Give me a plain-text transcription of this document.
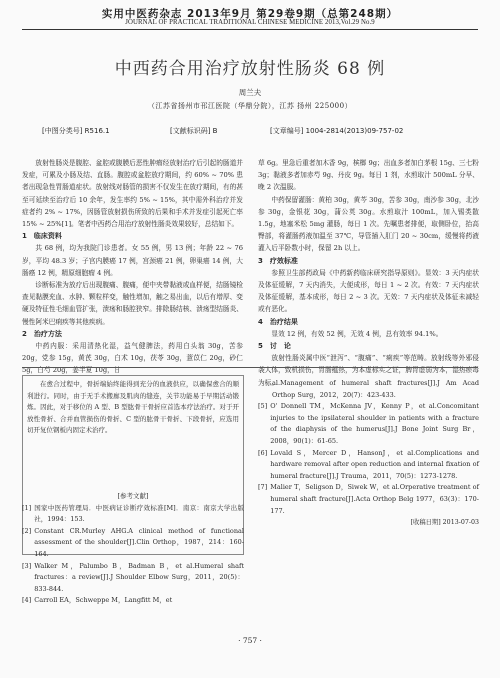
实用中医药杂志 2013年9月 第29卷9期（总第248期）
JOURNAL OF PRACTICAL TRADITIONAL CHINESE MEDICINE 2013,Vol.29 No.9
中西药合用治疗放射性肠炎 68 例
周兰夫
（江苏省扬州市邗江医院（华鼎分院），江苏 扬州 225000）
[中图分类号] R516.1	[文献标识码] B	[文章编号] 1004-2814(2013)09-757-02

放射性肠炎是腹腔、盆腔或腹膜后恶性肿瘤经放射治疗后引起的肠道并发症，可累及小肠及结、直肠。腹腔或盆腔放疗期间，约 60% ~ 70% 患者出现急性胃肠道症状。放射线对肠管的损害不仅发生在放疗期间，有的甚至可延续至治疗后 10 余年，发生率约 5% ~ 15%，其中需外科治疗并发症者约 2% ~ 17%，因肠管放射损伤所致的后果和手术并发症引起死亡率 15% ~ 25%[1]。笔者中西药合用治疗放射性肠炎效果较好，总结如下。

1　临床资料

共 68 例，均为我院门诊患者。女 55 例，男 13 例；年龄 22 ~ 76 岁，平均 48.3 岁；子宫内膜癌 17 例，宫颈癌 21 例，卵巢癌 14 例，大肠癌 12 例，精原细胞瘤 4 例。

诊断标准为放疗后出现腹痛、腹痛，便中夹带黏液或血样便，结肠镜检查见黏膜充血、水肿、颗粒样变，触性增加，触之易出血，以后有增厚、变硬及特征性毛细血管扩张，溃疡和肠腔狭窄。排除肠结核、溃疡型结肠炎、慢性阿米巴痢疾等其他疾病。

2　治疗方法

中药内服：采用清热化湿，益气健脾法，药用白头翁 30g，苦参 20g，党参 15g，黄芪 30g，白术 10g，茯苓 30g，薏苡仁 20g，砂仁 5g，白芍 20g，姜半夏 10g，甘

草 6g。里急后重者加木香 9g，槟榔 9g；出血多者加白茅根 15g、三七粉 3g；黏液多者加赤芍 9g、丹皮 9g。每日 1 剂，水煎取汁 500mL 分早、晚 2 次温服。

中药保留灌肠：黄柏 30g，黄芩 30g，苦参 30g，南沙参 30g，北沙参 30g，金银花 30g，蒲公英 30g。水煎取汁 100mL，加入锡类散 1.5g，地塞米松 5mg 灌肠，每日 1 次。先嘱患者排便，取侧卧位，抬高臀部，将灌肠药液加温至 37℃，导管插入肛门 20 ~ 30cm，缓慢将药液灌入后平卧数小时，保留 2h 以上。

3　疗效标准

参照卫生部药政局《中药新药临床研究指导原则》。显效：3 天内症状及体征缓解，7 天内消失，大便成形，每日 1 ~ 2 次。有效：7 天内症状及体征缓解，基本成形，每日 2 ~ 3 次。无效：7 天内症状及体征未减轻或有恶化。

4　治疗结果

显效 12 例，有效 52 例，无效 4 例，总有效率 94.1%。

5　讨　论

放射性肠炎属中医“泄泻”、“腹痛”、“痢疾”等范畴。放射线等外邪侵袭人体，致机损伤，胃肠蕴热，为本虚标实之证，脾胃虚弱为本，湿热瘀毒为标。

在愈合过程中，骨折端始终能得到充分的血液供应，以确保愈合的顺利进行。同时，由于无手术搬廊及肌肉的缝连，关节功能易于早期活动锻炼。因此，对于移位的 A 型、B 型肱骨干骨折应首选本疗法治疗。对于开放性骨折、合并血管损伤的骨折、C 型的肱骨干骨折、下段骨折，应选用切开复位钢板内固定术治疗。

[参考文献]
[1] 国家中医药管理局．中医病证诊断疗效标准[M]．南京：南京大学出版社，1994：153.
[2] Constant CR.Murley AHG.A clinical method of functional assessment of the shoulder[J].Clin Orthop，1987，214：160-164.
[3] Walker M，Palumbo B，Badman B，et al.Humeral shaft fractures：a review[J].J Shoulder Elbow Surg，2011，20(5)：833-844.
[4] Carroll EA，Schweppe M，Langfitt M，et
al.Management of humeral shaft fractures[J].J Am Acad Orthop Surg，2012，20(7)：423-433.
[5] O' Donnell TM，McKenna JV，Kenny P，et al.Concomitant injuries to the ipsilateral shoulder in patients with a fracture of the diaphysis of the humerus[J].J Bone Joint Surg Br，2008，90(1)：61-65.
[6] Lovald S，Mercer D，HansonJ，et al.Complications and hardware removal after open reduction and internal fixation of humeral fracture[J].J Trauma，2011，70(5)：1273-1278.
[7] Malier T，Seligson D，Siwek W，et al.Orperative treatment of humeral shaft fracture[J].Acta Orthop Belg 1977，63(3)：170-177.
[收稿日期] 2013-07-03
· 757 ·
